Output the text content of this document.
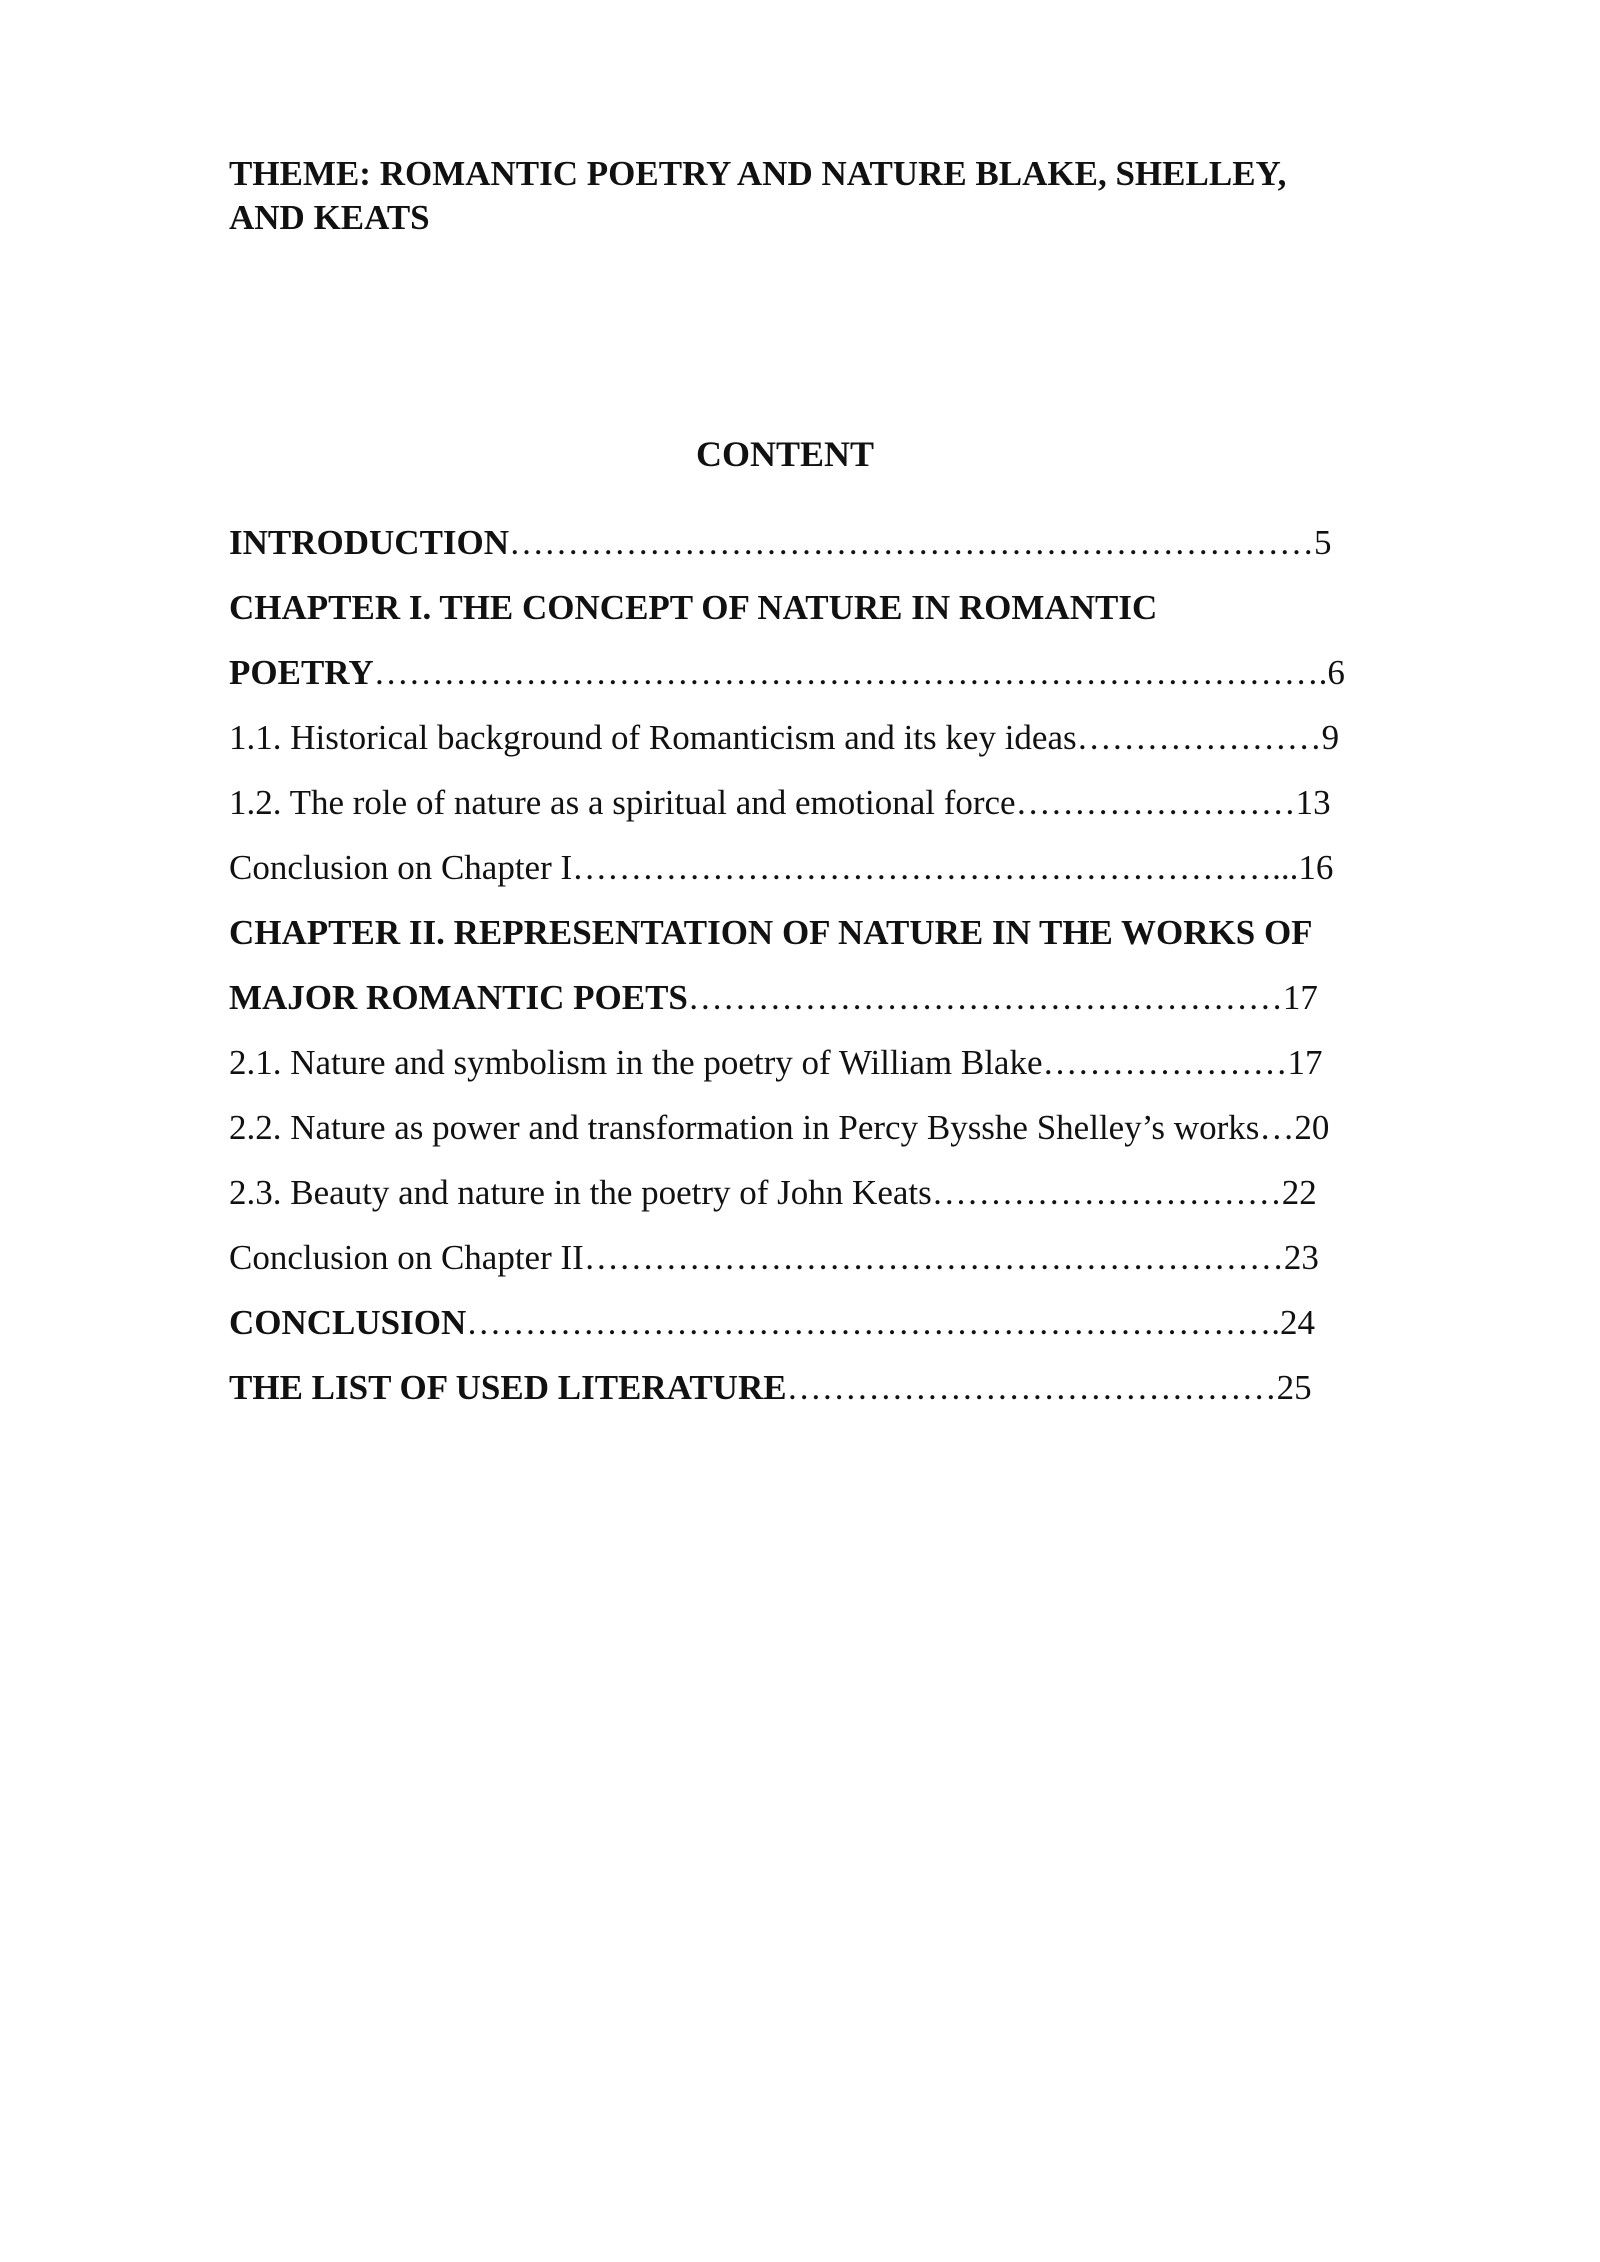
THEME: ROMANTIC POETRY AND NATURE BLAKE, SHELLEY,
AND KEATS
CONTENT
INTRODUCTION……………………………………………………………5
CHAPTER I. THE CONCEPT OF NATURE IN ROMANTIC
POETRY……………………………………………………………………….6
1.1. Historical background of Romanticism and its key ideas…………………9
1.2. The role of nature as a spiritual and emotional force……………………13
Conclusion on Chapter I……………………………………………………...16
CHAPTER II. REPRESENTATION OF NATURE IN THE WORKS OF
MAJOR ROMANTIC POETS……………………………………………17
2.1. Nature and symbolism in the poetry of William Blake…………………17
2.2. Nature as power and transformation in Percy Bysshe Shelley’s works…20
2.3. Beauty and nature in the poetry of John Keats…………………………22
Conclusion on Chapter II……………………………………………………23
CONCLUSION…………………………………………………………….24
THE LIST OF USED LITERATURE……………………………………25
